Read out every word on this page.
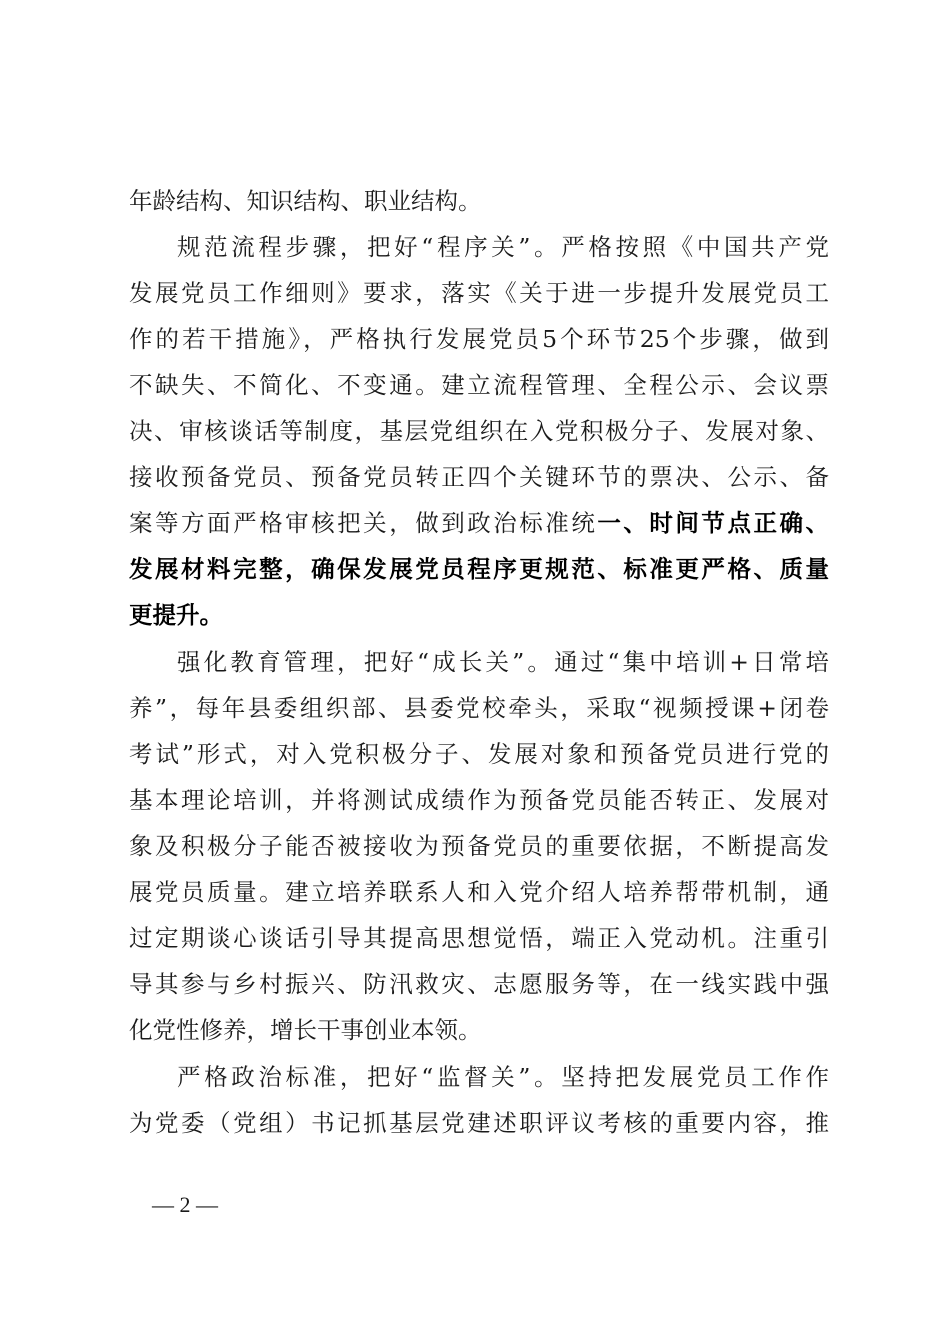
年龄结构、知识结构、职业结构。
规范流程步骤，把好“程序关”。严格按照《中国共产党
发展党员工作细则》要求，落实《关于进一步提升发展党员工
作的若干措施》，严格执行发展党员5个环节25个步骤，做到
不缺失、不简化、不变通。建立流程管理、全程公示、会议票
决、审核谈话等制度，基层党组织在入党积极分子、发展对象、
接收预备党员、预备党员转正四个关键环节的票决、公示、备
案等方面严格审核把关，做到政治标准统一、时间节点正确、
发展材料完整，确保发展党员程序更规范、标准更严格、质量
更提升。
强化教育管理，把好“成长关”。通过“集中培训+日常培
养”，每年县委组织部、县委党校牵头，采取“视频授课+闭卷
考试”形式，对入党积极分子、发展对象和预备党员进行党的
基本理论培训，并将测试成绩作为预备党员能否转正、发展对
象及积极分子能否被接收为预备党员的重要依据，不断提高发
展党员质量。建立培养联系人和入党介绍人培养帮带机制，通
过定期谈心谈话引导其提高思想觉悟，端正入党动机。注重引
导其参与乡村振兴、防汛救灾、志愿服务等，在一线实践中强
化党性修养，增长干事创业本领。
严格政治标准，把好“监督关”。坚持把发展党员工作作
为党委（党组）书记抓基层党建述职评议考核的重要内容，推
— 2 —
